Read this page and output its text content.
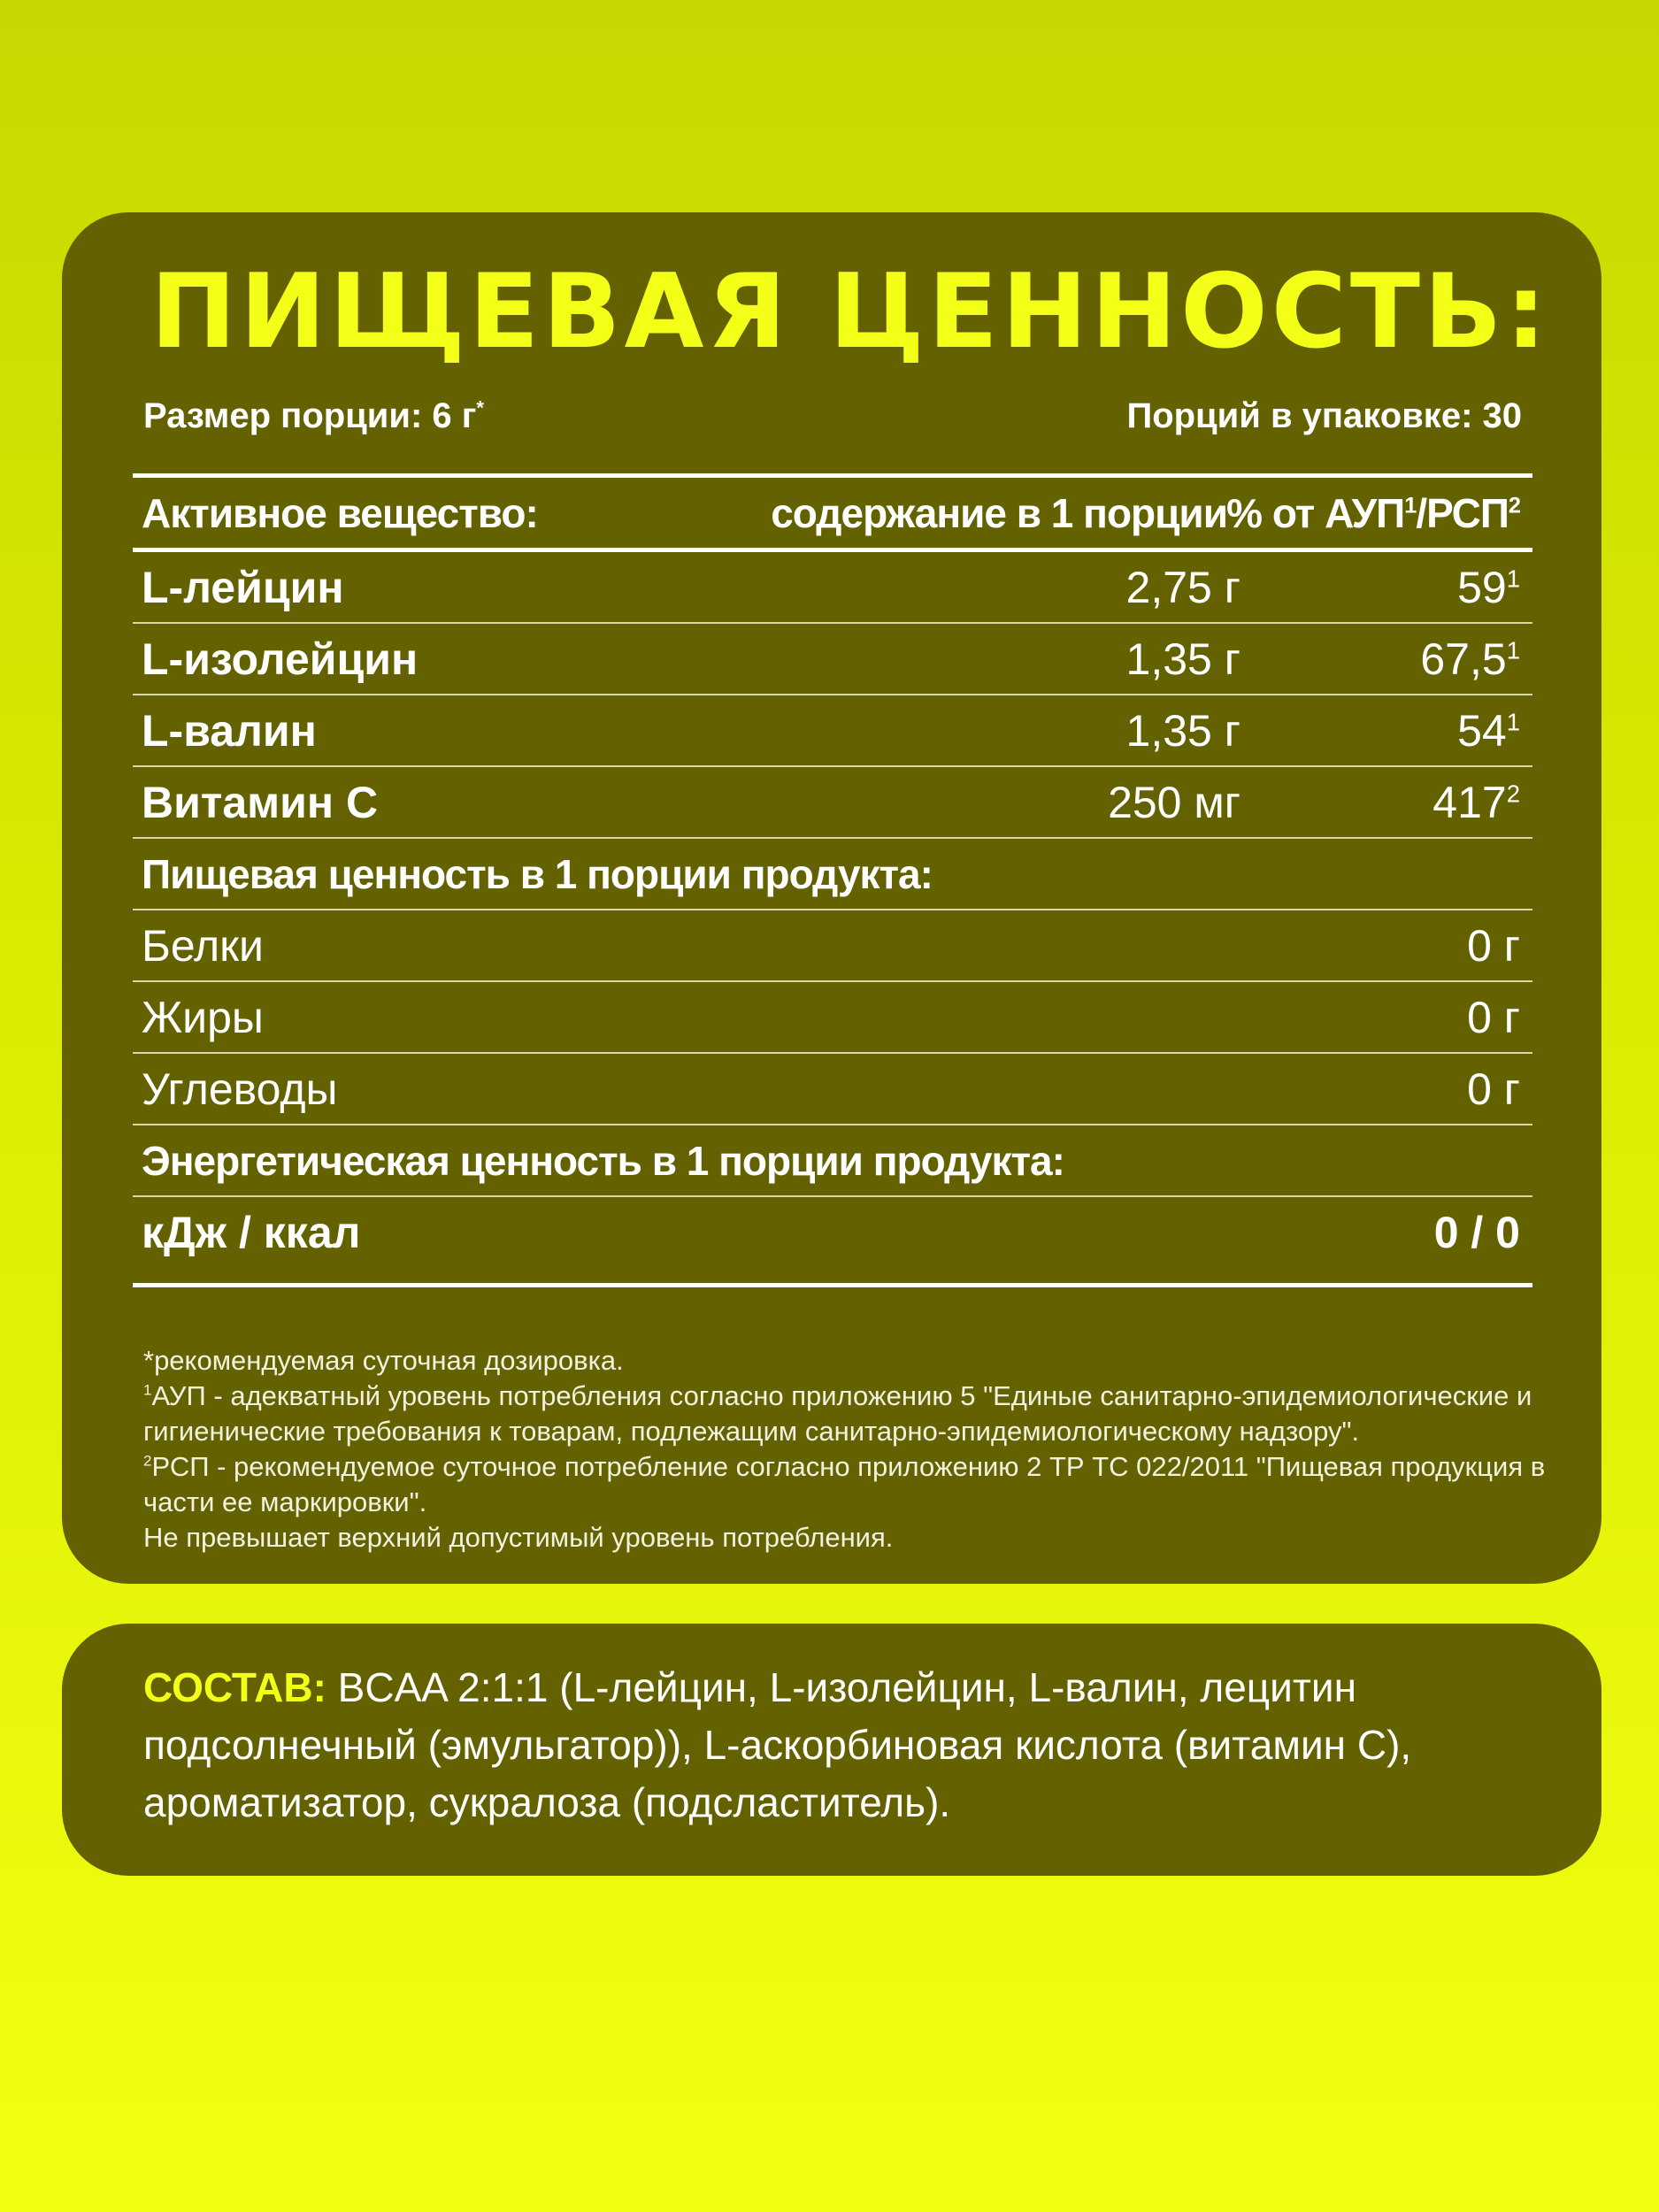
ПИЩЕВАЯ ЦЕННОСТЬ:
Размер порции: 6 г*	Порций в упаковке: 30
Активное вещество:	содержание в 1 порции % от АУП$^1$/РСП$^2$
L-лейцин	2,75 г	$59^1$
L-изолейцин	1,35 г	67,5$^1$
L-валин	1,35 г	$54^1$
Витамин С	250 мг	$417^2$
Пищевая ценность в 1 порции продукта:
Белки	0 г
Жиры	0 г
Углеводы	0 г
Энергетическая ценность в 1 порции продукта:
кДж / ккал	0 / 0
*рекомендуемая суточная дозировка.
$^1$АУП - адекватный уровень потребления согласно приложению 5 "Единые санитарно-эпидемиологические и
гигиенические требования к товарам, подлежащим санитарно-эпидемиологическому надзору".
$^2$РСП - рекомендуемое суточное потребление согласно приложению 2 ТР ТС 022/2011 "Пищевая продукция в
части ее маркировки".
Не превышает верхний допустимый уровень потребления.
СОСТАВ: BCAA 2:1:1 (L-лейцин, L-изолейцин, L-валин, лецитин подсолнечный (эмульгатор)), L-аскорбиновая кислота (витамин С), ароматизатор, сукралоза (подсластитель).
